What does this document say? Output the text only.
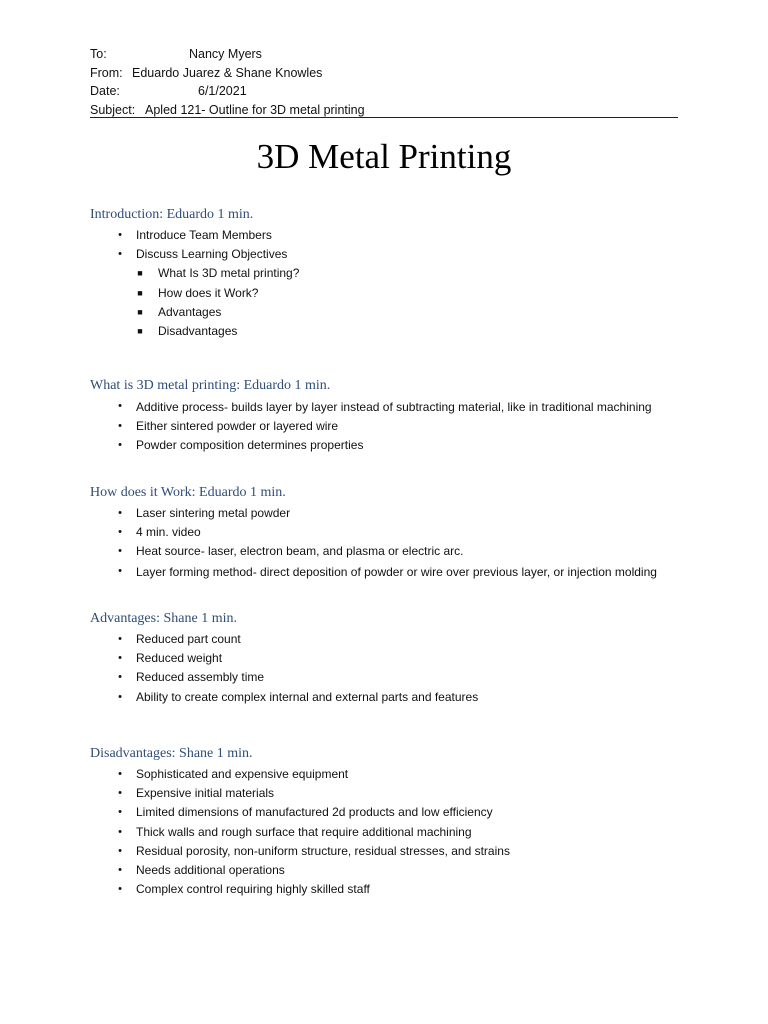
To:	Nancy Myers
From: Eduardo Juarez & Shane Knowles
Date:	6/1/2021
Subject: Apled 121- Outline for 3D metal printing
3D Metal Printing
Introduction: Eduardo 1 min.
•	Introduce Team Members
•	Discuss Learning Objectives
■ What Is 3D metal printing?
■ How does it Work?
■ Advantages
■ Disadvantages
What is 3D metal printing: Eduardo 1 min.
•	Additive process- builds layer by layer instead of subtracting material, like in traditional machining
•	Either sintered powder or layered wire
•	Powder composition determines properties
How does it Work: Eduardo 1 min.
•	Laser sintering metal powder
•	4 min. video
•	Heat source- laser, electron beam, and plasma or electric arc.
•	Layer forming method- direct deposition of powder or wire over previous layer, or injection molding
Advantages: Shane 1 min.
•	Reduced part count
•	Reduced weight
•	Reduced assembly time
•	Ability to create complex internal and external parts and features
Disadvantages: Shane 1 min.
•	Sophisticated and expensive equipment
•	Expensive initial materials
•	Limited dimensions of manufactured 2d products and low efficiency
•	Thick walls and rough surface that require additional machining
•	Residual porosity, non-uniform structure, residual stresses, and strains
•	Needs additional operations
•	Complex control requiring highly skilled staff
